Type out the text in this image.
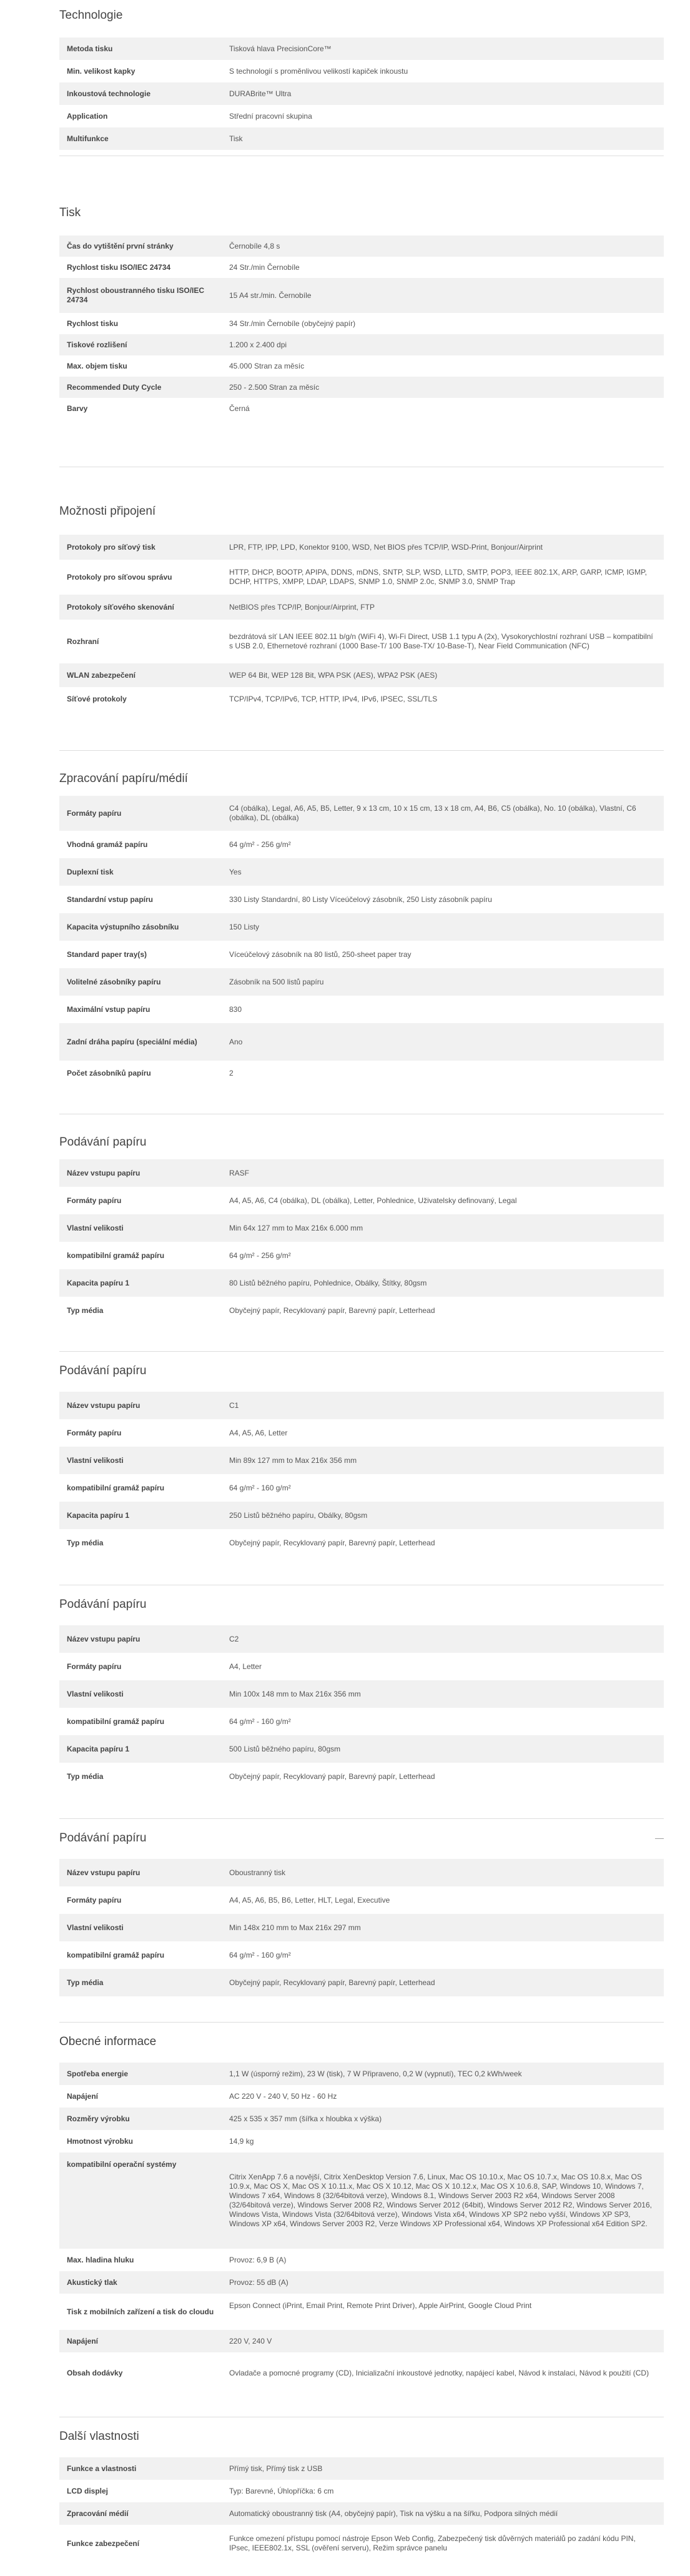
Technologie
Metoda tisku	Tisková hlava PrecisionCore™
Min. velikost kapky	S technologií s proměnlivou velikostí kapiček inkoustu
Inkoustová technologie	DURABrite™ Ultra
Application	Střední pracovní skupina
Multifunkce	Tisk
Tisk
Čas do vytištění první stránky	Černobíle 4,8 s
Rychlost tisku ISO/IEC 24734	24 Str./min Černobíle
Rychlost oboustranného tisku ISO/IEC 24734	15 A4 str./min. Černobíle
Rychlost tisku	34 Str./min Černobíle (obyčejný papír)
Tiskové rozlišení	1.200 x 2.400 dpi
Max. objem tisku	45.000 Stran za měsíc
Recommended Duty Cycle	250 - 2.500 Stran za měsíc
Barvy	Černá
Možnosti připojení
Protokoly pro síťový tisk	LPR, FTP, IPP, LPD, Konektor 9100, WSD, Net BIOS přes TCP/IP, WSD-Print, Bonjour/Airprint
Protokoly pro síťovou správu	HTTP, DHCP, BOOTP, APIPA, DDNS, mDNS, SNTP, SLP, WSD, LLTD, SMTP, POP3, IEEE 802.1X, ARP, GARP, ICMP, IGMP, DCHP, HTTPS, XMPP, LDAP, LDAPS, SNMP 1.0, SNMP 2.0c, SNMP 3.0, SNMP Trap
Protokoly síťového skenování	NetBIOS přes TCP/IP, Bonjour/Airprint, FTP
Rozhraní	bezdrátová síť LAN IEEE 802.11 b/g/n (WiFi 4), Wi-Fi Direct, USB 1.1 typu A (2x), Vysokorychlostní rozhraní USB – kompatibilní s USB 2.0, Ethernetové rozhraní (1000 Base-T/ 100 Base-TX/ 10-Base-T), Near Field Communication (NFC)
WLAN zabezpečení	WEP 64 Bit, WEP 128 Bit, WPA PSK (AES), WPA2 PSK (AES)
Síťové protokoly	TCP/IPv4, TCP/IPv6, TCP, HTTP, IPv4, IPv6, IPSEC, SSL/TLS
Zpracování papíru/médií
Formáty papíru	C4 (obálka), Legal, A6, A5, B5, Letter, 9 x 13 cm, 10 x 15 cm, 13 x 18 cm, A4, B6, C5 (obálka), No. 10 (obálka), Vlastní, C6 (obálka), DL (obálka)
Vhodná gramáž papíru	64 g/m² - 256 g/m²
Duplexní tisk	Yes
Standardní vstup papíru	330 Listy Standardní, 80 Listy Víceúčelový zásobník, 250 Listy zásobník papíru
Kapacita výstupního zásobníku	150 Listy
Standard paper tray(s)	Víceúčelový zásobník na 80 listů, 250-sheet paper tray
Volitelné zásobníky papíru	Zásobník na 500 listů papíru
Maximální vstup papíru	830
Zadní dráha papíru (speciální média)	Ano
Počet zásobníků papíru	2
Podávání papíru
Název vstupu papíru	RASF
Formáty papíru	A4, A5, A6, C4 (obálka), DL (obálka), Letter, Pohlednice, Uživatelsky definovaný, Legal
Vlastní velikosti	Min 64x 127 mm to Max 216x 6.000 mm
kompatibilní gramáž papíru	64 g/m² - 256 g/m²
Kapacita papíru 1	80 Listů běžného papíru, Pohlednice, Obálky, Štítky, 80gsm
Typ média	Obyčejný papír, Recyklovaný papír, Barevný papír, Letterhead
Podávání papíru
Název vstupu papíru	C1
Formáty papíru	A4, A5, A6, Letter
Vlastní velikosti	Min 89x 127 mm to Max 216x 356 mm
kompatibilní gramáž papíru	64 g/m² - 160 g/m²
Kapacita papíru 1	250 Listů běžného papíru, Obálky, 80gsm
Typ média	Obyčejný papír, Recyklovaný papír, Barevný papír, Letterhead
Podávání papíru
Název vstupu papíru	C2
Formáty papíru	A4, Letter
Vlastní velikosti	Min 100x 148 mm to Max 216x 356 mm
kompatibilní gramáž papíru	64 g/m² - 160 g/m²
Kapacita papíru 1	500 Listů běžného papíru, 80gsm
Typ média	Obyčejný papír, Recyklovaný papír, Barevný papír, Letterhead
Podávání papíru	—
Název vstupu papíru	Oboustranný tisk
Formáty papíru	A4, A5, A6, B5, B6, Letter, HLT, Legal, Executive
Vlastní velikosti	Min 148x 210 mm to Max 216x 297 mm
kompatibilní gramáž papíru	64 g/m² - 160 g/m²
Typ média	Obyčejný papír, Recyklovaný papír, Barevný papír, Letterhead
Obecné informace
Spotřeba energie	1,1 W (úsporný režim), 23 W (tisk), 7 W Připraveno, 0,2 W (vypnutí), TEC 0,2 kWh/week
Napájení	AC 220 V - 240 V, 50 Hz - 60 Hz
Rozměry výrobku	425 x 535 x 357 mm (šířka x hloubka x výška)
Hmotnost výrobku	14,9 kg
kompatibilní operační systémy	Citrix XenApp 7.6 a novější, Citrix XenDesktop Version 7.6, Linux, Mac OS 10.10.x, Mac OS 10.7.x, Mac OS 10.8.x, Mac OS 10.9.x, Mac OS X, Mac OS X 10.11.x, Mac OS X 10.12, Mac OS X 10.12.x, Mac OS X 10.6.8, SAP, Windows 10, Windows 7, Windows 7 x64, Windows 8 (32/64bitová verze), Windows 8.1, Windows Server 2003 R2 x64, Windows Server 2008 (32/64bitová verze), Windows Server 2008 R2, Windows Server 2012 (64bit), Windows Server 2012 R2, Windows Server 2016, Windows Vista, Windows Vista (32/64bitová verze), Windows Vista x64, Windows XP SP2 nebo vyšší, Windows XP SP3, Windows XP x64, Windows Server 2003 R2, Verze Windows XP Professional x64, Windows XP Professional x64 Edition SP2.
Max. hladina hluku	Provoz: 6,9 B (A)
Akustický tlak	Provoz: 55 dB (A)
Tisk z mobilních zařízení a tisk do cloudu	Epson Connect (iPrint, Email Print, Remote Print Driver), Apple AirPrint, Google Cloud Print
Napájení	220 V, 240 V
Obsah dodávky	Ovladače a pomocné programy (CD), Inicializační inkoustové jednotky, napájecí kabel, Návod k instalaci, Návod k použití (CD)
Další vlastnosti
Funkce a vlastnosti	Přímý tisk, Přímý tisk z USB
LCD displej	Typ: Barevné, Úhlopříčka: 6 cm
Zpracování médií	Automatický oboustranný tisk (A4, obyčejný papír), Tisk na výšku a na šířku, Podpora silných médií
Funkce zabezpečení	Funkce omezení přístupu pomocí nástroje Epson Web Config, Zabezpečený tisk důvěrných materiálů po zadání kódu PIN, IPsec, IEEE802.1x, SSL (ověření serveru), Režim správce panelu
